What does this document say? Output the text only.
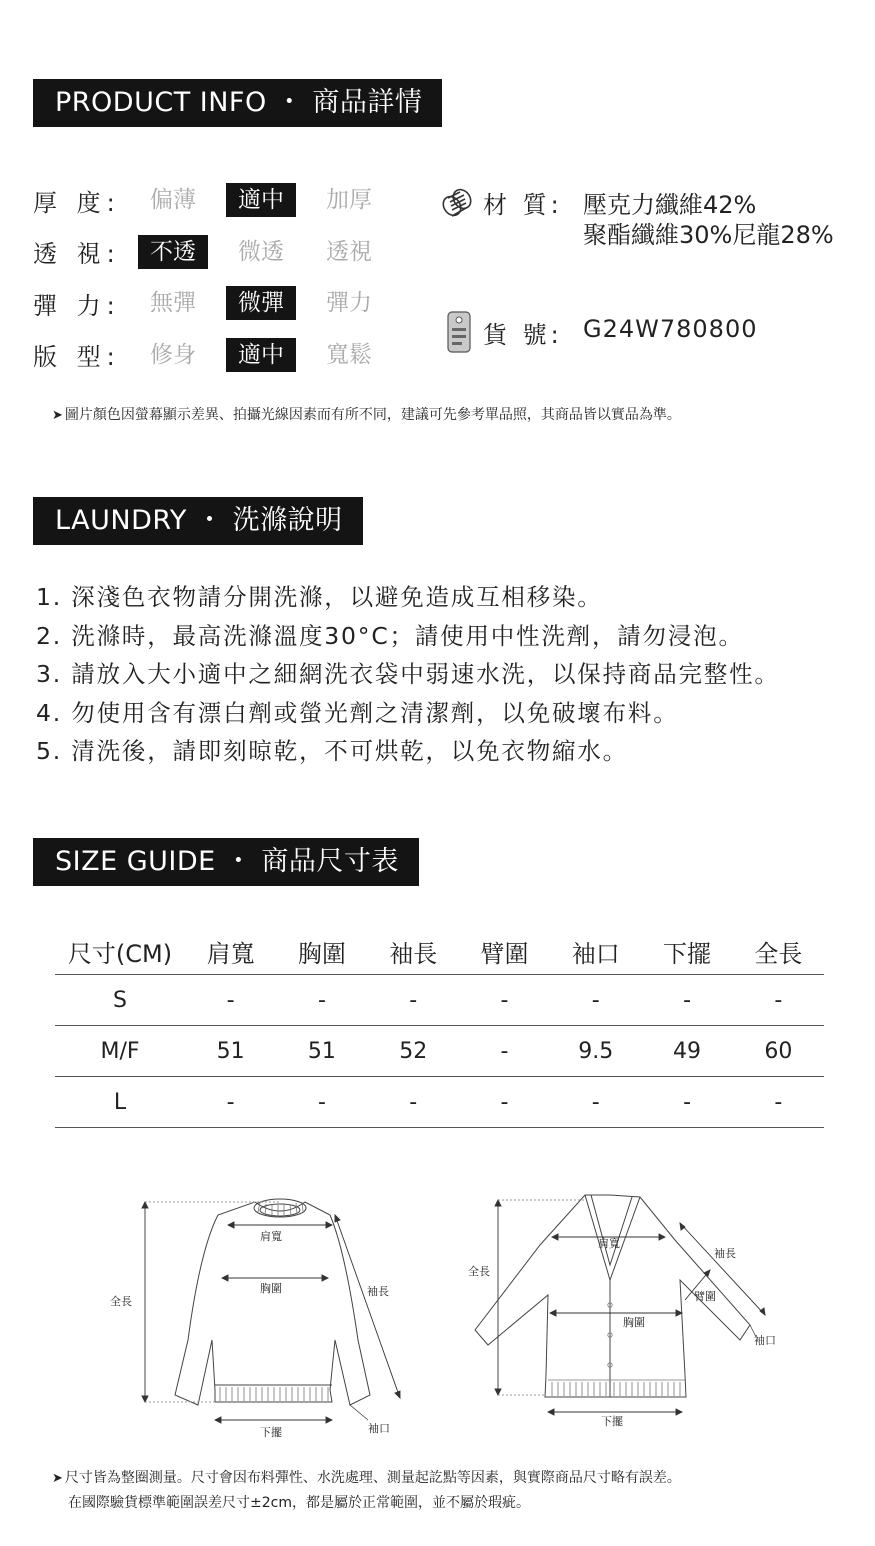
PRODUCT INFO ・ 商品詳情
厚 度:	偏薄	適中	加厚
透 視:	不透	微透	透視
彈 力:	無彈	微彈	彈力
版 型:	修身	適中	寬鬆
材 質: 壓克力纖維42%
聚酯纖維30%尼龍28%
貨 號: G24W780800
➤ 圖片顏色因螢幕顯示差異、拍攝光線因素而有所不同，建議可先參考單品照，其商品皆以實品為準。
LAUNDRY ・ 洗滌說明
1. 深淺色衣物請分開洗滌，以避免造成互相移染。
2. 洗滌時，最高洗滌溫度30°C；請使用中性洗劑，請勿浸泡。
3. 請放入大小適中之細網洗衣袋中弱速水洗，以保持商品完整性。
4. 勿使用含有漂白劑或螢光劑之清潔劑，以免破壞布料。
5. 清洗後，請即刻晾乾，不可烘乾，以免衣物縮水。
SIZE GUIDE ・ 商品尺寸表
尺寸(CM)	肩寬	胸圍	袖長	臂圍	袖口	下擺	全長
S	-	-	-	-	-	-	-
M/F	51	51	52	-	9.5	49	60
L	-	-	-	-	-	-	-
全長
肩寬
胸圍	袖長
下擺	袖口
全長
肩寬
胸圍
袖長
臂圍
袖口
下擺
➤ 尺寸皆為整圈測量。尺寸會因布料彈性、水洗處理、測量起訖點等因素，與實際商品尺寸略有誤差。
在國際驗貨標準範圍誤差尺寸±2cm，都是屬於正常範圍，並不屬於瑕疵。
